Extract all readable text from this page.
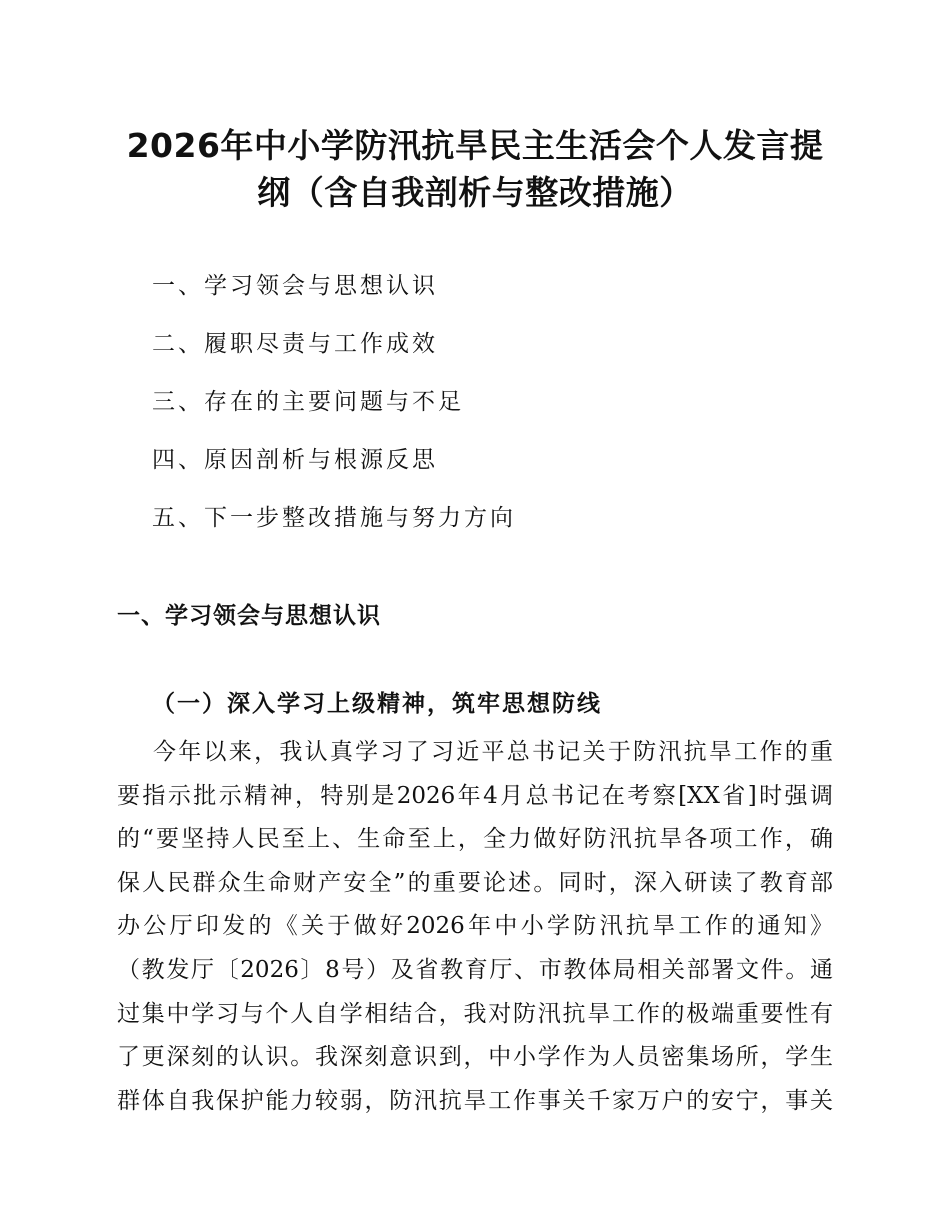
2026年中小学防汛抗旱民主生活会个人发言提
纲（含自我剖析与整改措施）
一、学习领会与思想认识
二、履职尽责与工作成效
三、存在的主要问题与不足
四、原因剖析与根源反思
五、下一步整改措施与努力方向
一、学习领会与思想认识
（一）深入学习上级精神，筑牢思想防线
今年以来，我认真学习了习近平总书记关于防汛抗旱工作的重
要指示批示精神，特别是2026年4月总书记在考察[XX省]时强调
的“要坚持人民至上、生命至上，全力做好防汛抗旱各项工作，确
保人民群众生命财产安全”的重要论述。同时，深入研读了教育部
办公厅印发的《关于做好2026年中小学防汛抗旱工作的通知》
（教发厅〔2026〕8号）及省教育厅、市教体局相关部署文件。通
过集中学习与个人自学相结合，我对防汛抗旱工作的极端重要性有
了更深刻的认识。我深刻意识到，中小学作为人员密集场所，学生
群体自我保护能力较弱，防汛抗旱工作事关千家万户的安宁，事关
